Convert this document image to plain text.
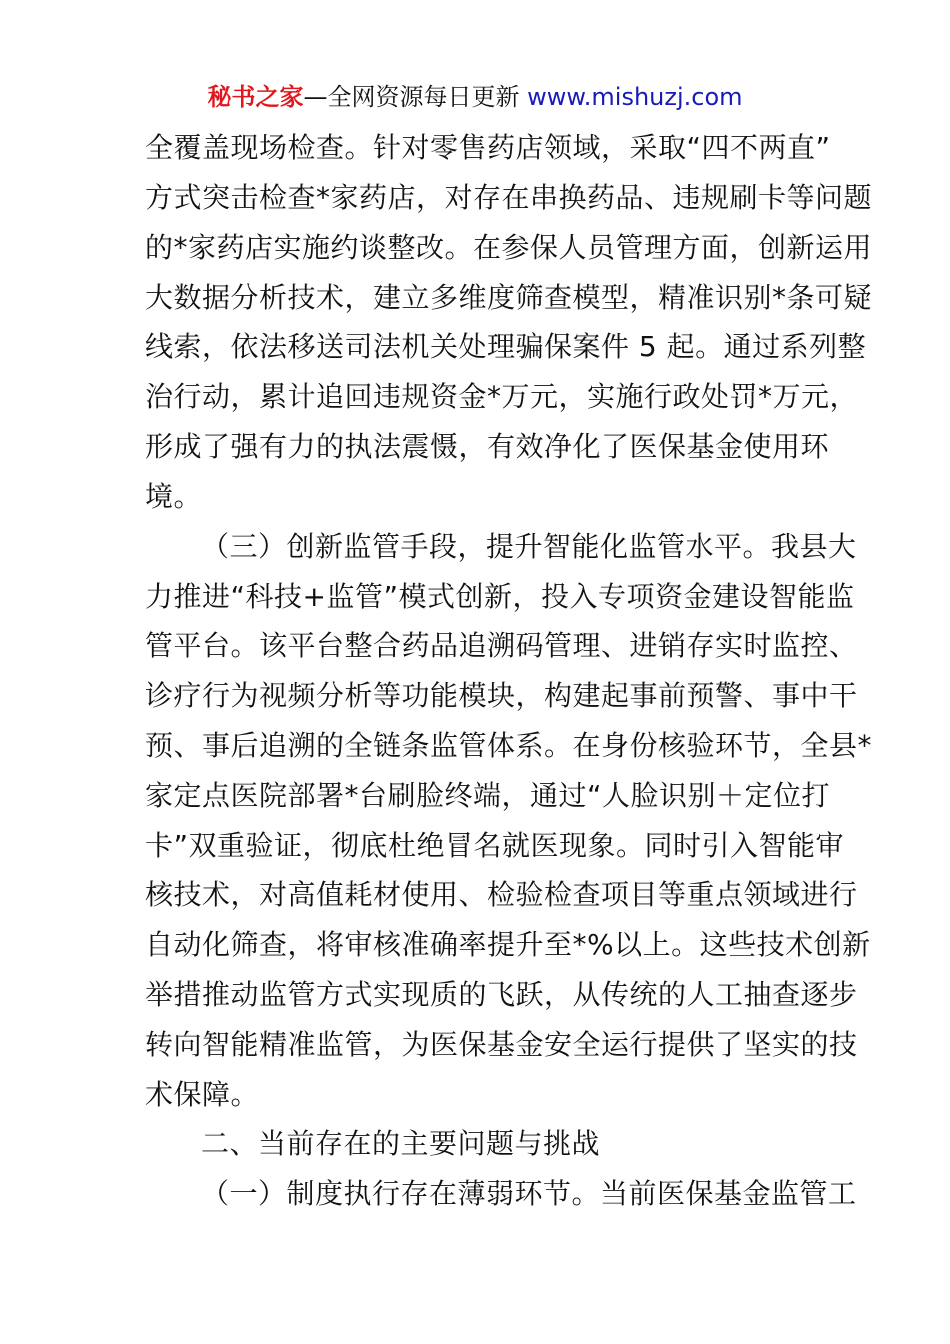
秘书之家—全网资源每日更新 www.mishuzj.com
全覆盖现场检查。针对零售药店领域，采取“四不两直”
方式突击检查*家药店，对存在串换药品、违规刷卡等问题
的*家药店实施约谈整改。在参保人员管理方面，创新运用
大数据分析技术，建立多维度筛查模型，精准识别*条可疑
线索，依法移送司法机关处理骗保案件 5 起。通过系列整
治行动，累计追回违规资金*万元，实施行政处罚*万元，
形成了强有力的执法震慑，有效净化了医保基金使用环
境。
（三）创新监管手段，提升智能化监管水平。我县大
力推进“科技+监管”模式创新，投入专项资金建设智能监
管平台。该平台整合药品追溯码管理、进销存实时监控、
诊疗行为视频分析等功能模块，构建起事前预警、事中干
预、事后追溯的全链条监管体系。在身份核验环节，全县*
家定点医院部署*台刷脸终端，通过“人脸识别＋定位打
卡”双重验证，彻底杜绝冒名就医现象。同时引入智能审
核技术，对高值耗材使用、检验检查项目等重点领域进行
自动化筛查，将审核准确率提升至*%以上。这些技术创新
举措推动监管方式实现质的飞跃，从传统的人工抽查逐步
转向智能精准监管，为医保基金安全运行提供了坚实的技
术保障。
二、当前存在的主要问题与挑战
（一）制度执行存在薄弱环节。当前医保基金监管工
